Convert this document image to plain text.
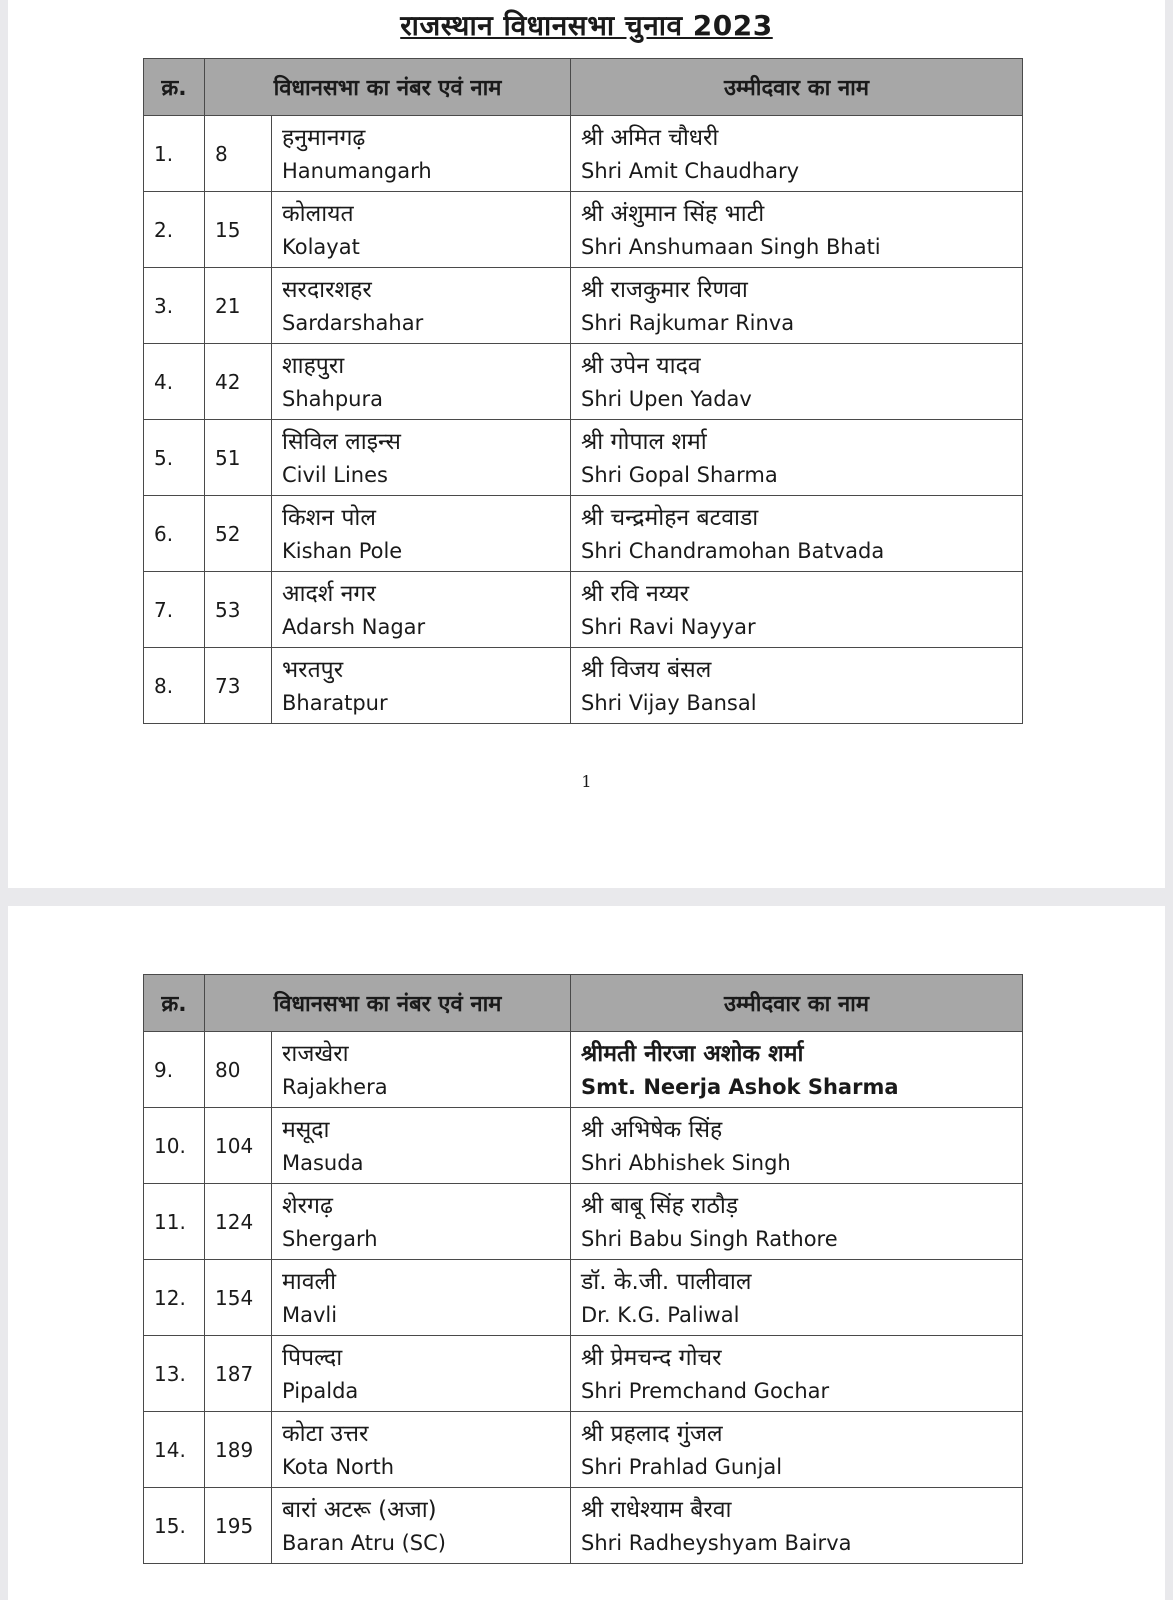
राजस्थान विधानसभा चुनाव 2023
क्र.	विधानसभा का नंबर एवं नाम		उम्मीदवार का नाम
1.	8	हनुमानगढ़
Hanumangarh	श्री अमित चौधरी
Shri Amit Chaudhary

2.	15	कोलायत
Kolayat	श्री अंशुमान सिंह भाटी
Shri Anshumaan Singh Bhati

3.	21	सरदारशहर
Sardarshahar	श्री राजकुमार रिणवा
Shri Rajkumar Rinva

4.	42	शाहपुरा
Shahpura	श्री उपेन यादव
Shri Upen Yadav

5.	51	सिविल लाइन्स
Civil Lines	श्री गोपाल शर्मा
Shri Gopal Sharma

6.	52	किशन पोल
Kishan Pole	श्री चन्द्रमोहन बटवाडा
Shri Chandramohan Batvada

7.	53	आदर्श नगर
Adarsh Nagar	श्री रवि नय्यर
Shri Ravi Nayyar

8.	73	भरतपुर
Bharatpur	श्री विजय बंसल
Shri Vijay Bansal
1
क्र.	विधानसभा का नंबर एवं नाम		उम्मीदवार का नाम
9.	80	राजखेरा
Rajakhera	श्रीमती नीरजा अशोक शर्मा
Smt. Neerja Ashok Sharma

10.	104	मसूदा
Masuda	श्री अभिषेक सिंह
Shri Abhishek Singh

11.	124	शेरगढ़
Shergarh	श्री बाबू सिंह राठौड़
Shri Babu Singh Rathore

12.	154	मावली
Mavli	डॉ. के.जी. पालीवाल
Dr. K.G. Paliwal

13.	187	पिपल्दा
Pipalda	श्री प्रेमचन्द गोचर
Shri Premchand Gochar

14.	189	कोटा उत्तर
Kota North	श्री प्रहलाद गुंजल
Shri Prahlad Gunjal

15.	195	बारां अटरू (अजा)
Baran Atru (SC)	श्री राधेश्याम बैरवा
Shri Radheyshyam Bairva
